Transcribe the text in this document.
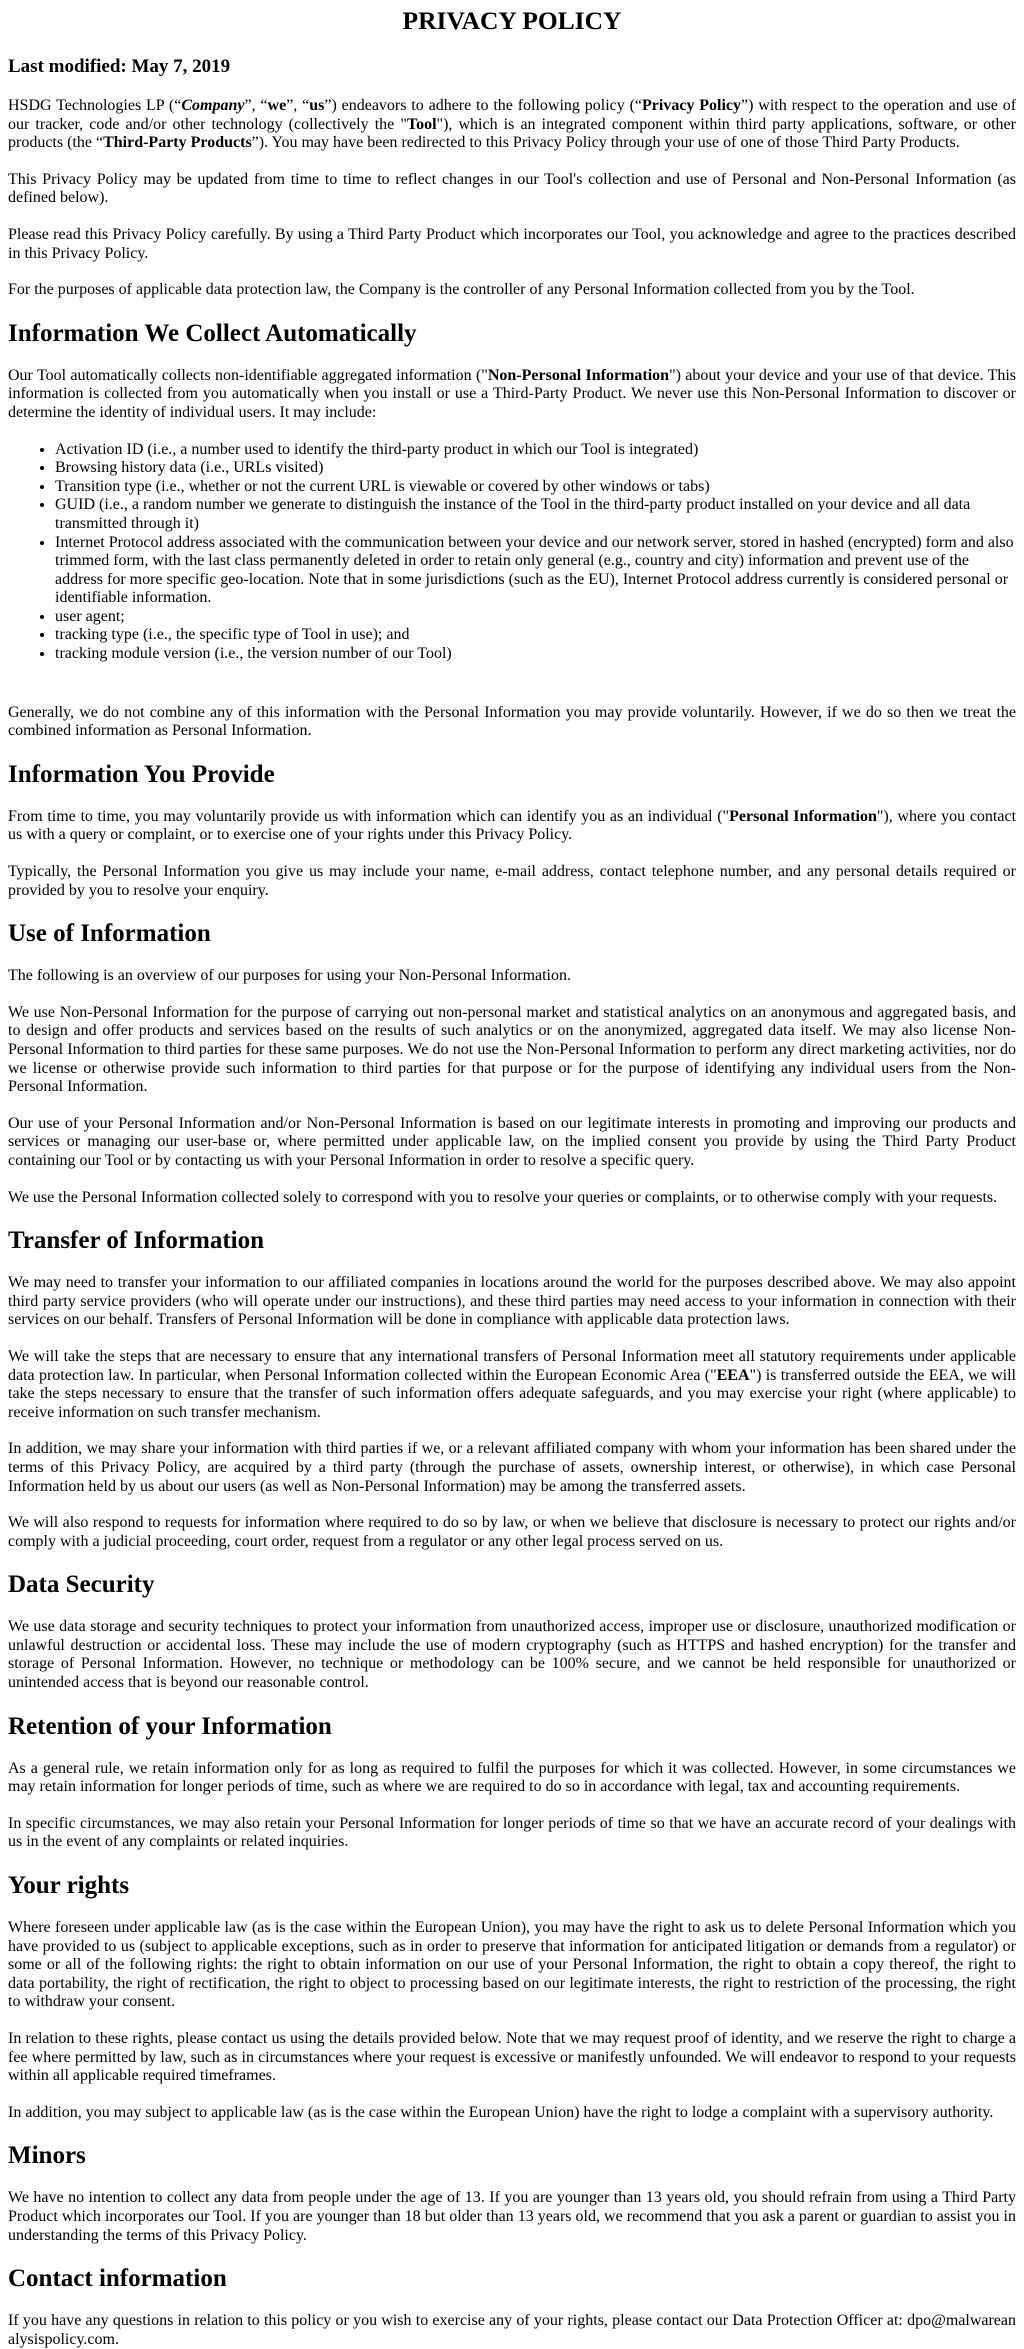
PRIVACY POLICY
Last modified: May 7, 2019

HSDG Technologies LP (“Company”, “we”, “us”) endeavors to adhere to the following policy (“Privacy Policy”) with respect to the operation and use of our tracker, code and/or other technology (collectively the "Tool"), which is an integrated component within third party applications, software, or other products (the “Third-Party Products”). You may have been redirected to this Privacy Policy through your use of one of those Third Party Products.

This Privacy Policy may be updated from time to time to reflect changes in our Tool's collection and use of Personal and Non-Personal Information (as defined below).

Please read this Privacy Policy carefully. By using a Third Party Product which incorporates our Tool, you acknowledge and agree to the practices described in this Privacy Policy.

For the purposes of applicable data protection law, the Company is the controller of any Personal Information collected from you by the Tool.

Information We Collect Automatically

Our Tool automatically collects non-identifiable aggregated information ("Non-Personal Information") about your device and your use of that device. This information is collected from you automatically when you install or use a Third-Party Product. We never use this Non-Personal Information to discover or determine the identity of individual users. It may include:

• Activation ID (i.e., a number used to identify the third-party product in which our Tool is integrated)
• Browsing history data (i.e., URLs visited)
• Transition type (i.e., whether or not the current URL is viewable or covered by other windows or tabs)
• GUID (i.e., a random number we generate to distinguish the instance of the Tool in the third-party product installed on your device and all data transmitted through it)
• Internet Protocol address associated with the communication between your device and our network server, stored in hashed (encrypted) form and also trimmed form, with the last class permanently deleted in order to retain only general (e.g., country and city) information and prevent use of the address for more specific geo-location. Note that in some jurisdictions (such as the EU), Internet Protocol address currently is considered personal or identifiable information.
• user agent;
• tracking type (i.e., the specific type of Tool in use); and
• tracking module version (i.e., the version number of our Tool)

Generally, we do not combine any of this information with the Personal Information you may provide voluntarily. However, if we do so then we treat the combined information as Personal Information.

Information You Provide

From time to time, you may voluntarily provide us with information which can identify you as an individual ("Personal Information"), where you contact us with a query or complaint, or to exercise one of your rights under this Privacy Policy.

Typically, the Personal Information you give us may include your name, e-mail address, contact telephone number, and any personal details required or provided by you to resolve your enquiry.

Use of Information

The following is an overview of our purposes for using your Non-Personal Information.

We use Non-Personal Information for the purpose of carrying out non-personal market and statistical analytics on an anonymous and aggregated basis, and to design and offer products and services based on the results of such analytics or on the anonymized, aggregated data itself. We may also license Non-Personal Information to third parties for these same purposes. We do not use the Non-Personal Information to perform any direct marketing activities, nor do we license or otherwise provide such information to third parties for that purpose or for the purpose of identifying any individual users from the Non-Personal Information.

Our use of your Personal Information and/or Non-Personal Information is based on our legitimate interests in promoting and improving our products and services or managing our user-base or, where permitted under applicable law, on the implied consent you provide by using the Third Party Product containing our Tool or by contacting us with your Personal Information in order to resolve a specific query.

We use the Personal Information collected solely to correspond with you to resolve your queries or complaints, or to otherwise comply with your requests.

Transfer of Information

We may need to transfer your information to our affiliated companies in locations around the world for the purposes described above. We may also appoint third party service providers (who will operate under our instructions), and these third parties may need access to your information in connection with their services on our behalf. Transfers of Personal Information will be done in compliance with applicable data protection laws.

We will take the steps that are necessary to ensure that any international transfers of Personal Information meet all statutory requirements under applicable data protection law. In particular, when Personal Information collected within the European Economic Area ("EEA") is transferred outside the EEA, we will take the steps necessary to ensure that the transfer of such information offers adequate safeguards, and you may exercise your right (where applicable) to receive information on such transfer mechanism.

In addition, we may share your information with third parties if we, or a relevant affiliated company with whom your information has been shared under the terms of this Privacy Policy, are acquired by a third party (through the purchase of assets, ownership interest, or otherwise), in which case Personal Information held by us about our users (as well as Non-Personal Information) may be among the transferred assets.

We will also respond to requests for information where required to do so by law, or when we believe that disclosure is necessary to protect our rights and/or comply with a judicial proceeding, court order, request from a regulator or any other legal process served on us.

Data Security

We use data storage and security techniques to protect your information from unauthorized access, improper use or disclosure, unauthorized modification or unlawful destruction or accidental loss. These may include the use of modern cryptography (such as HTTPS and hashed encryption) for the transfer and storage of Personal Information. However, no technique or methodology can be 100% secure, and we cannot be held responsible for unauthorized or unintended access that is beyond our reasonable control.

Retention of your Information

As a general rule, we retain information only for as long as required to fulfil the purposes for which it was collected. However, in some circumstances we may retain information for longer periods of time, such as where we are required to do so in accordance with legal, tax and accounting requirements.

In specific circumstances, we may also retain your Personal Information for longer periods of time so that we have an accurate record of your dealings with us in the event of any complaints or related inquiries.

Your rights

Where foreseen under applicable law (as is the case within the European Union), you may have the right to ask us to delete Personal Information which you have provided to us (subject to applicable exceptions, such as in order to preserve that information for anticipated litigation or demands from a regulator) or some or all of the following rights: the right to obtain information on our use of your Personal Information, the right to obtain a copy thereof, the right to data portability, the right of rectification, the right to object to processing based on our legitimate interests, the right to restriction of the processing, the right to withdraw your consent.

In relation to these rights, please contact us using the details provided below. Note that we may request proof of identity, and we reserve the right to charge a fee where permitted by law, such as in circumstances where your request is excessive or manifestly unfounded. We will endeavor to respond to your requests within all applicable required timeframes.

In addition, you may subject to applicable law (as is the case within the European Union) have the right to lodge a complaint with a supervisory authority.

Minors

We have no intention to collect any data from people under the age of 13. If you are younger than 13 years old, you should refrain from using a Third Party Product which incorporates our Tool. If you are younger than 18 but older than 13 years old, we recommend that you ask a parent or guardian to assist you in understanding the terms of this Privacy Policy.

Contact information

If you have any questions in relation to this policy or you wish to exercise any of your rights, please contact our Data Protection Officer at: dpo@malwareanalysispolicy.com.
